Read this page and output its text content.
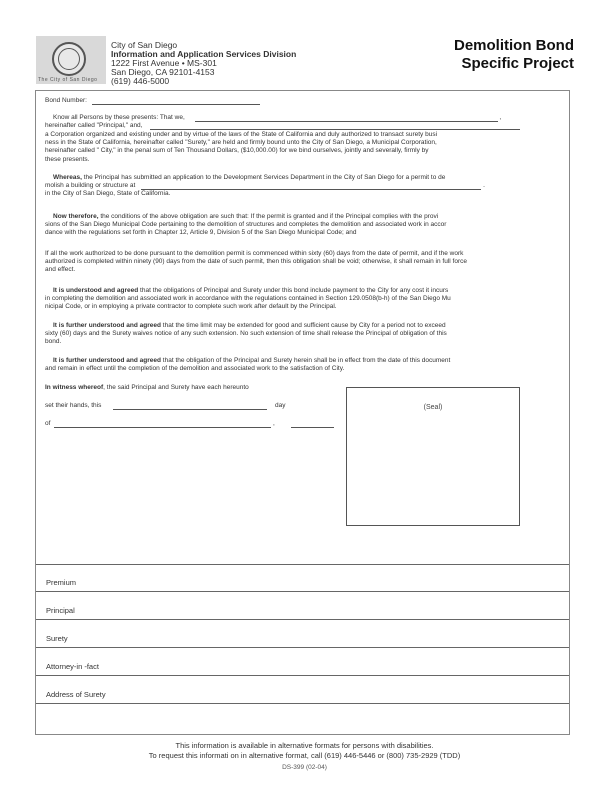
The City of San Diego
City of San Diego
Information and Application Services Division
1222 First Avenue • MS-301
San Diego, CA 92101-4153
(619) 446-5000
Demolition Bond
Specific Project
Bond Number:
Know all Persons by these presents: That we,	,
hereinafter called "Principal," and,
a Corporation organized and existing under and by virtue of the laws of the State of California and duly authorized to transact surety busi
ness in the State of California, hereinafter called "Surety," are held and firmly bound unto the City of San Diego, a Municipal Corporation,
hereinafter called " City," in the penal sum of Ten Thousand Dollars, ($10,000.00) for we bind ourselves, jointly and severally, firmly by
these presents.
Whereas, the Principal has submitted an application to the Development Services Department in the City of San Diego for a permit to de
molish a building or structure at	.
in the City of San Diego, State of California.
Now therefore, the conditions of the above obligation are such that: If the permit is granted and if the Principal complies with the provi
sions of the San Diego Municipal Code pertaining to the demolition of structures and completes the demolition and associated work in accor
dance with the regulations set forth in Chapter 12, Article 9, Division 5 of the San Diego Municipal Code; and
If all the work authorized to be done pursuant to the demolition permit is commenced within sixty (60) days from the date of permit, and if the work
authorized is completed within ninety (90) days from the date of such permit, then this obligation shall be void; otherwise, it shall remain in full force
and effect.
It is understood and agreed that the obligations of Principal and Surety under this bond include payment to the City for any cost it incurs
in completing the demolition and associated work in accordance with the regulations contained in Section 129.0508(b-h) of the San Diego Mu
nicipal Code, or in employing a private contractor to complete such work after default by the Principal.
It is further understood and agreed that the time limit may be extended for good and sufficient cause by City for a period not to exceed
sixty (60) days and the Surety waives notice of any such extension. No such extension of time shall release the Principal of obligation of this
bond.
It is further understood and agreed that the obligation of the Principal and Surety herein shall be in effect from the date of this document
and remain in effect until the completion of the demolition and associated work to the satisfaction of City.
In witness whereof, the said Principal and Surety have each hereunto
set their hands, this	day
of	,
(Seal)
Premium
Principal
Surety
Attorney-in -fact
Address of Surety
This information is available in alternative formats for persons with disabilities.
To request this informati on in alternative format, call (619) 446-5446 or (800) 735-2929 (TDD)
DS-399 (02-04)
